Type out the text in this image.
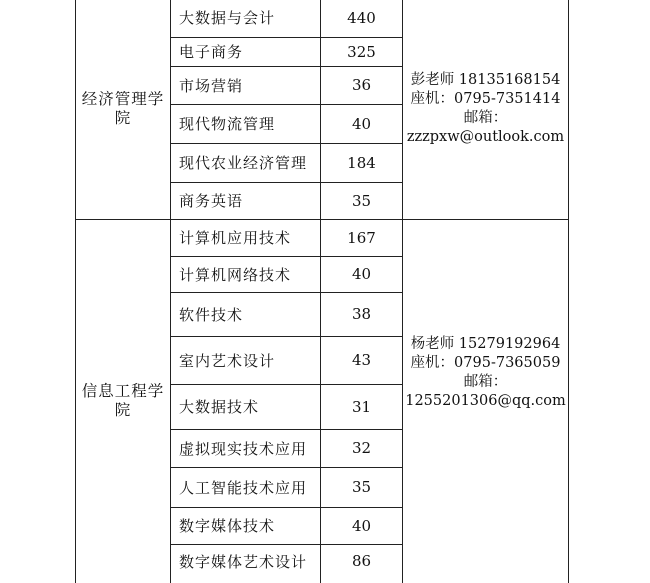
经济管理学
院
大数据与会计	440
电子商务	325
市场营销	36
现代物流管理	40
现代农业经济管理	184
商务英语	35
彭老师 18135168154
座机：0795-7351414
邮箱：
zzzpxw@outlook.com
信息工程学
院
计算机应用技术	167
计算机网络技术	40
软件技术	38
室内艺术设计	43
大数据技术	31
虚拟现实技术应用	32
人工智能技术应用	35
数字媒体技术	40
数字媒体艺术设计	86
杨老师 15279192964
座机：0795-7365059
邮箱：
1255201306@qq.com
